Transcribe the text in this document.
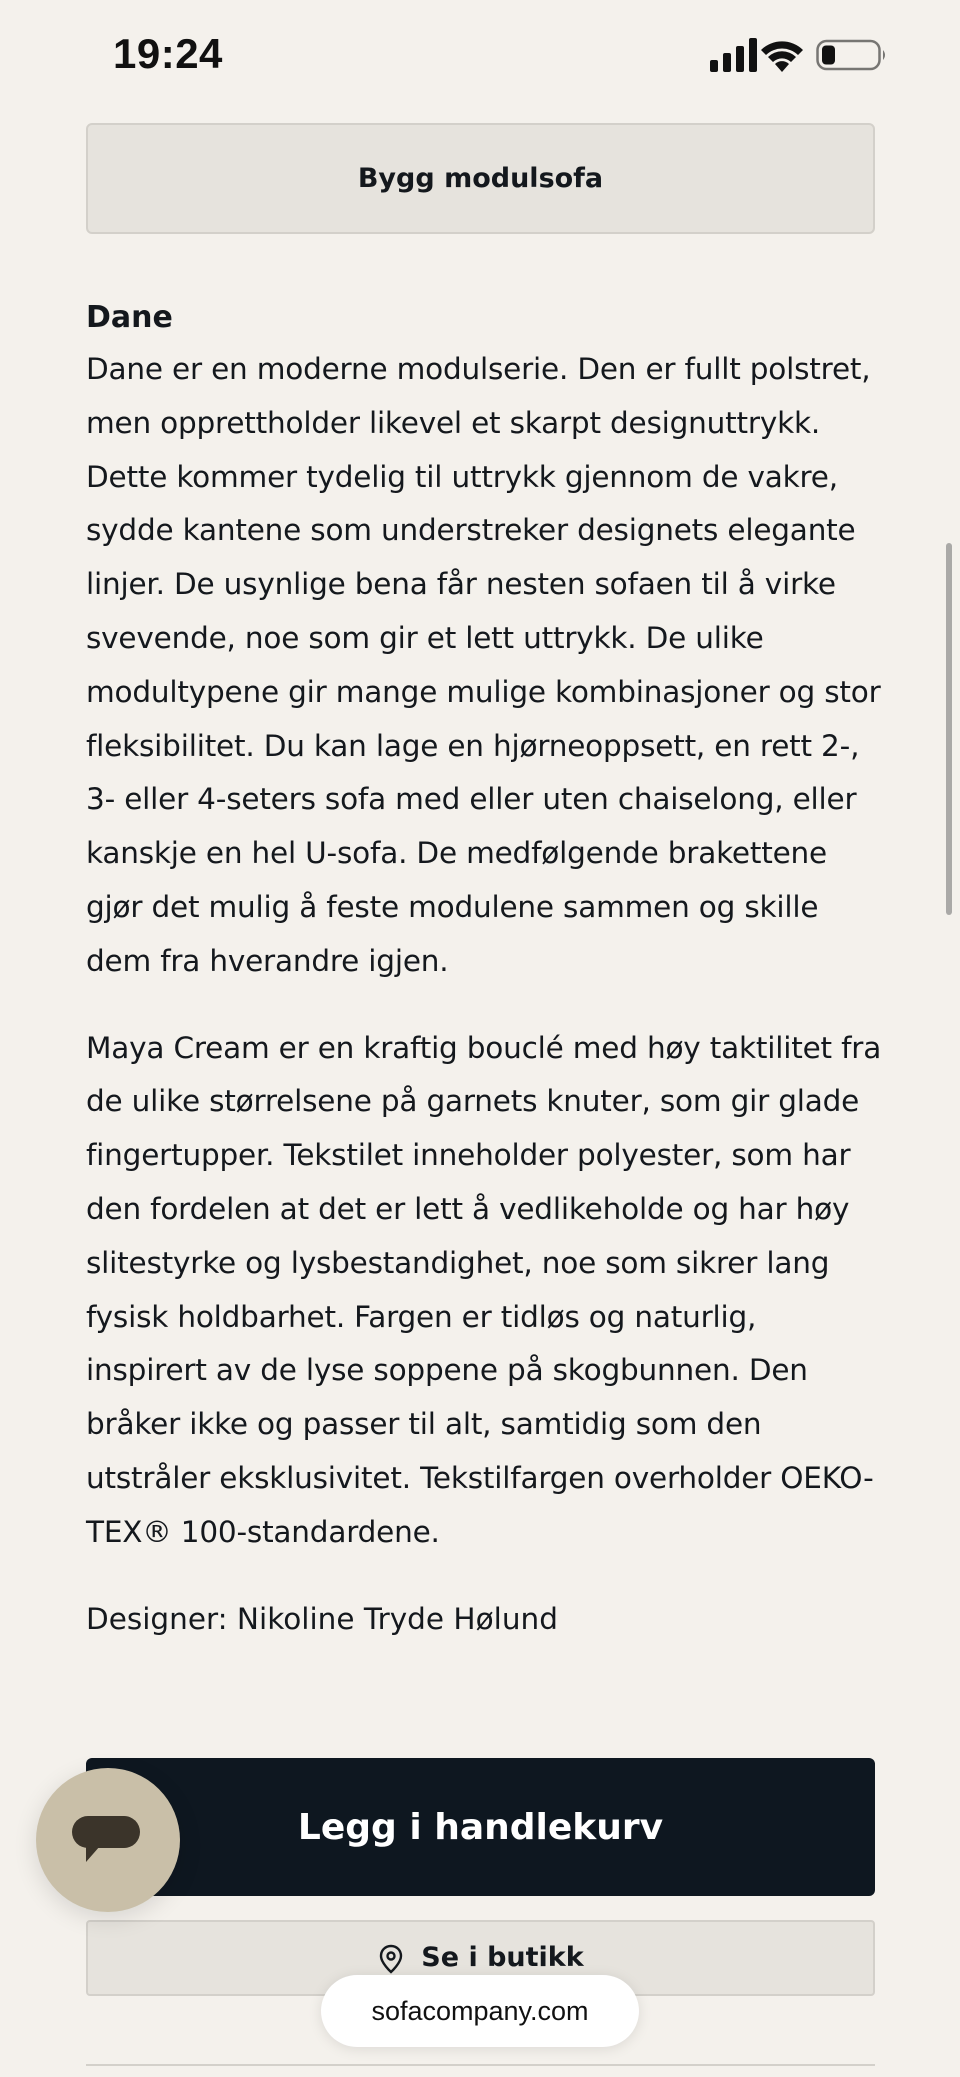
19:24
Bygg modulsofa
Dane

Dane er en moderne modulserie. Den er fullt polstret, men opprettholder likevel et skarpt designuttrykk. Dette kommer tydelig til uttrykk gjennom de vakre, sydde kantene som understreker designets elegante linjer. De usynlige bena får nesten sofaen til å virke svevende, noe som gir et lett uttrykk. De ulike modultypene gir mange mulige kombinasjoner og stor fleksibilitet. Du kan lage en hjørneoppsett, en rett 2-, 3- eller 4-seters sofa med eller uten chaiselong, eller kanskje en hel U-sofa. De medfølgende brakettene gjør det mulig å feste modulene sammen og skille dem fra hverandre igjen.

Maya Cream er en kraftig bouclé med høy taktilitet fra de ulike størrelsene på garnets knuter, som gir glade fingertupper. Tekstilet inneholder polyester, som har den fordelen at det er lett å vedlikeholde og har høy slitestyrke og lysbestandighet, noe som sikrer lang fysisk holdbarhet. Fargen er tidløs og naturlig, inspirert av de lyse soppene på skogbunnen. Den bråker ikke og passer til alt, samtidig som den utstråler eksklusivitet. Tekstilfargen overholder OEKO-TEX® 100-standardene.

Designer: Nikoline Tryde Hølund

Legg i handlekurv
Se i butikk
sofacompany.com
